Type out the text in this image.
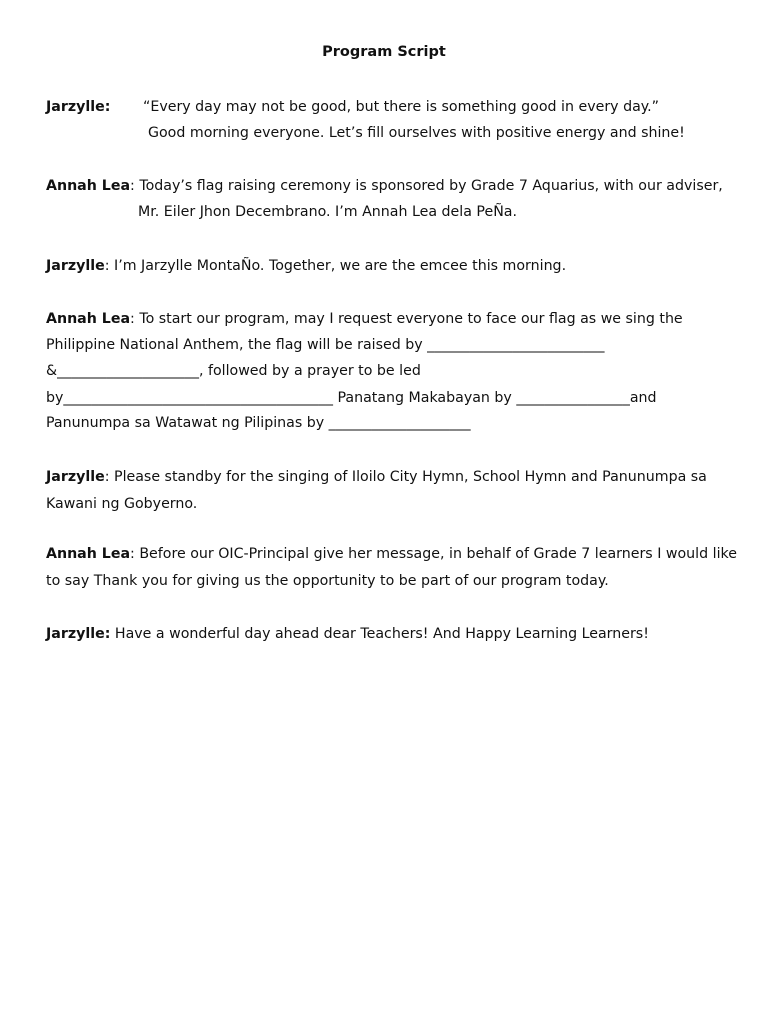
Program Script
Jarzylle: “Every day may not be good, but there is something good in every day.”
Good morning everyone. Let’s fill ourselves with positive energy and shine!
Annah Lea: Today’s flag raising ceremony is sponsored by Grade 7 Aquarius, with our adviser,
Mr. Eiler Jhon Decembrano. I’m Annah Lea dela PeÑa.
Jarzylle: I’m Jarzylle MontaÑo. Together, we are the emcee this morning.
Annah Lea: To start our program, may I request everyone to face our flag as we sing the
Philippine National Anthem, the flag will be raised by _________________________
&____________________, followed by a prayer to be led
by______________________________________ Panatang Makabayan by ________________and
Panunumpa sa Watawat ng Pilipinas by ____________________
Jarzylle: Please standby for the singing of Iloilo City Hymn, School Hymn and Panunumpa sa
Kawani ng Gobyerno.
Annah Lea: Before our OIC-Principal give her message, in behalf of Grade 7 learners I would like
to say Thank you for giving us the opportunity to be part of our program today.
Jarzylle: Have a wonderful day ahead dear Teachers! And Happy Learning Learners!
